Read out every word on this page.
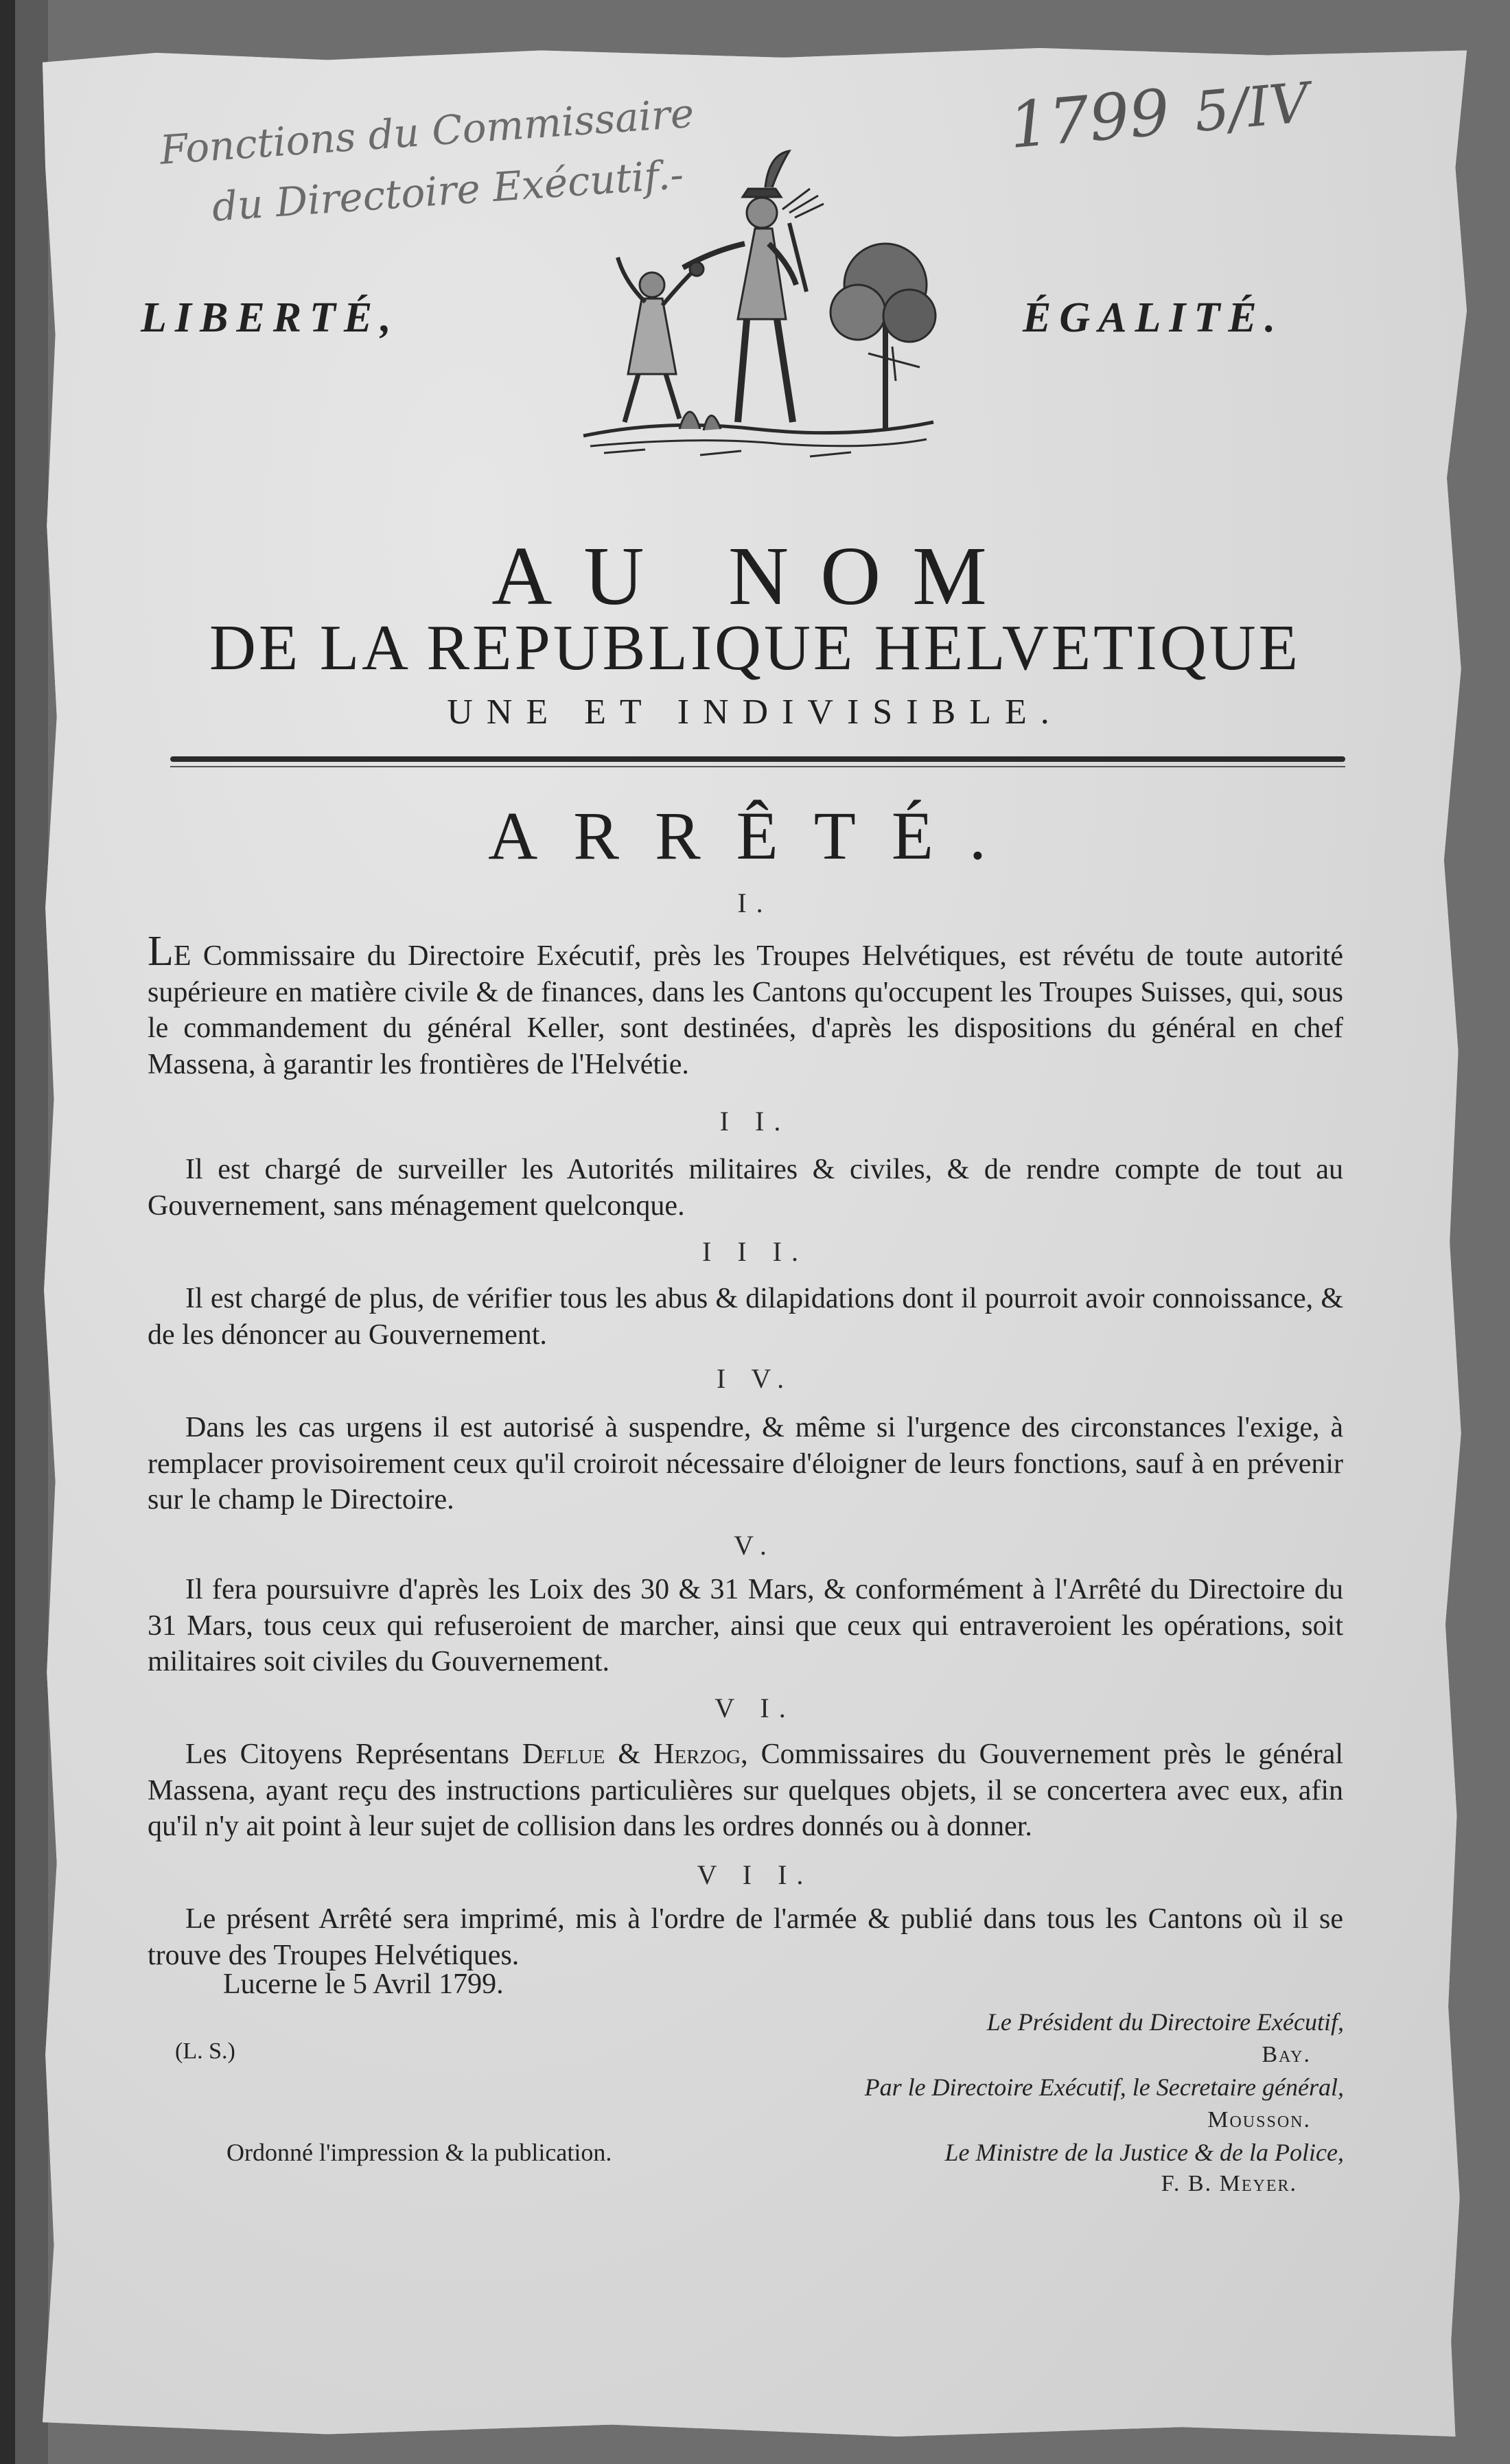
Fonctions du Commissaire
du Directoire Exécutif.-
1799 5/IV
LIBERTÉ,	ÉGALITÉ.
AU NOM
DE LA REPUBLIQUE HELVETIQUE
UNE ET INDIVISIBLE.
ARRÊTÉ.
I.
LE Commissaire du Directoire Exécutif, près les Troupes Helvétiques, est révétu de toute autorité supérieure en matière civile & de finances, dans les Cantons qu'occupent les Troupes Suisses, qui, sous le commandement du général Keller, sont destinées, d'après les dispositions du général en chef Massena, à garantir les frontières de l'Helvétie.
I I.
Il est chargé de surveiller les Autorités militaires & civiles, & de rendre compte de tout au Gouvernement, sans ménagement quelconque.
I I I.
Il est chargé de plus, de vérifier tous les abus & dilapidations dont il pourroit avoir connoissance, & de les dénoncer au Gouvernement.
I V.
Dans les cas urgens il est autorisé à suspendre, & même si l'urgence des circonstances l'exige, à remplacer provisoirement ceux qu'il croiroit nécessaire d'éloigner de leurs fonctions, sauf à en prévenir sur le champ le Directoire.
V.
Il fera poursuivre d'après les Loix des 30 & 31 Mars, & conformément à l'Arrêté du Directoire du 31 Mars, tous ceux qui refuseroient de marcher, ainsi que ceux qui entraveroient les opérations, soit militaires soit civiles du Gouvernement.
V I.
Les Citoyens Représentans Deflue & Herzog, Commissaires du Gouvernement près le général Massena, ayant reçu des instructions particulières sur quelques objets, il se concertera avec eux, afin qu'il n'y ait point à leur sujet de collision dans les ordres donnés ou à donner.
V I I.
Le présent Arrêté sera imprimé, mis à l'ordre de l'armée & publié dans tous les Cantons où il se trouve des Troupes Helvétiques.
Lucerne le 5 Avril 1799.
(L. S.)
Ordonné l'impression & la publication.
Le Président du Directoire Exécutif,
Bay.
Par le Directoire Exécutif, le Secretaire général,
Mousson.
Le Ministre de la Justice & de la Police,
F. B. Meyer.
